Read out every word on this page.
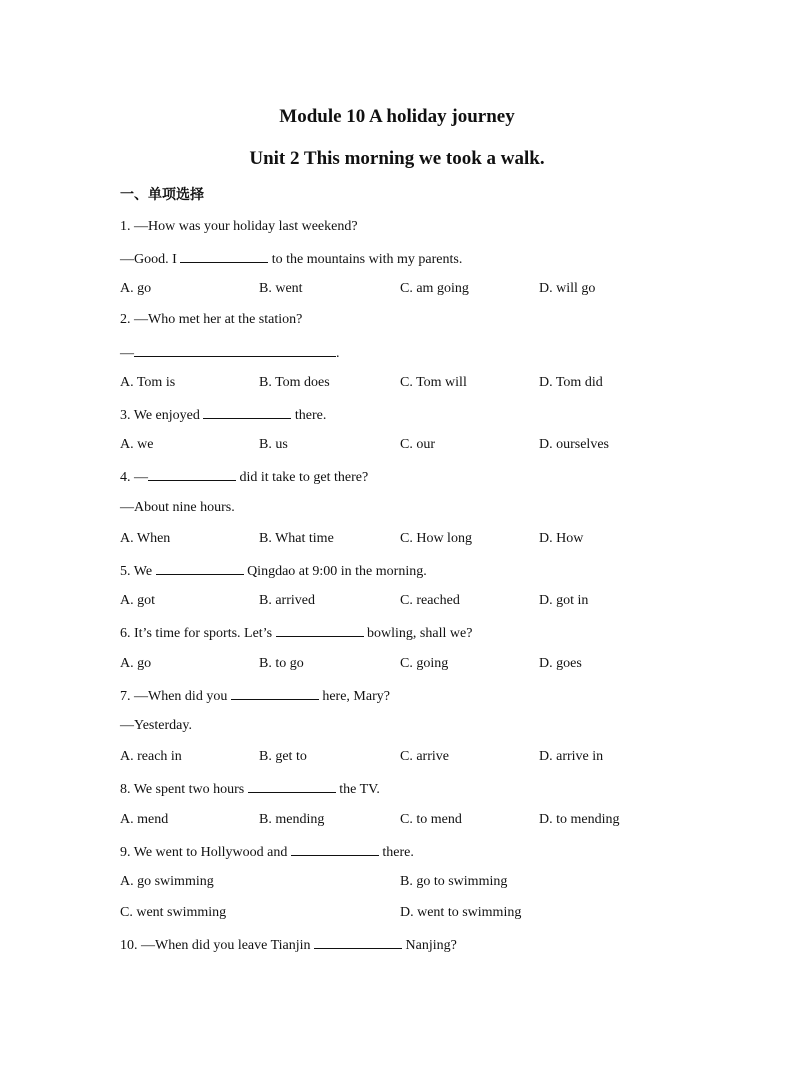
Module 10 A holiday journey
Unit 2 This morning we took a walk.
一、单项选择
1. —How was your holiday last weekend?
—Good. I	to the mountains with my parents.
A. go	B. went	C. am going	D. will go
2. —Who met her at the station?
—	.
A. Tom is	B. Tom does	C. Tom will	D. Tom did
3. We enjoyed	there.
A. we	B. us	C. our	D. ourselves
4. —	did it take to get there?
—About nine hours.
A. When	B. What time	C. How long	D. How
5. We	Qingdao at 9:00 in the morning.
A. got	B. arrived	C. reached	D. got in
6. It’s time for sports. Let’s	bowling, shall we?
A. go	B. to go	C. going	D. goes
7. —When did you	here, Mary?
—Yesterday.
A. reach in	B. get to	C. arrive	D. arrive in
8. We spent two hours	the TV.
A. mend	B. mending	C. to mend	D. to mending
9. We went to Hollywood and	there.
A. go swimming	B. go to swimming
C. went swimming	D. went to swimming
10. —When did you leave Tianjin	Nanjing?
